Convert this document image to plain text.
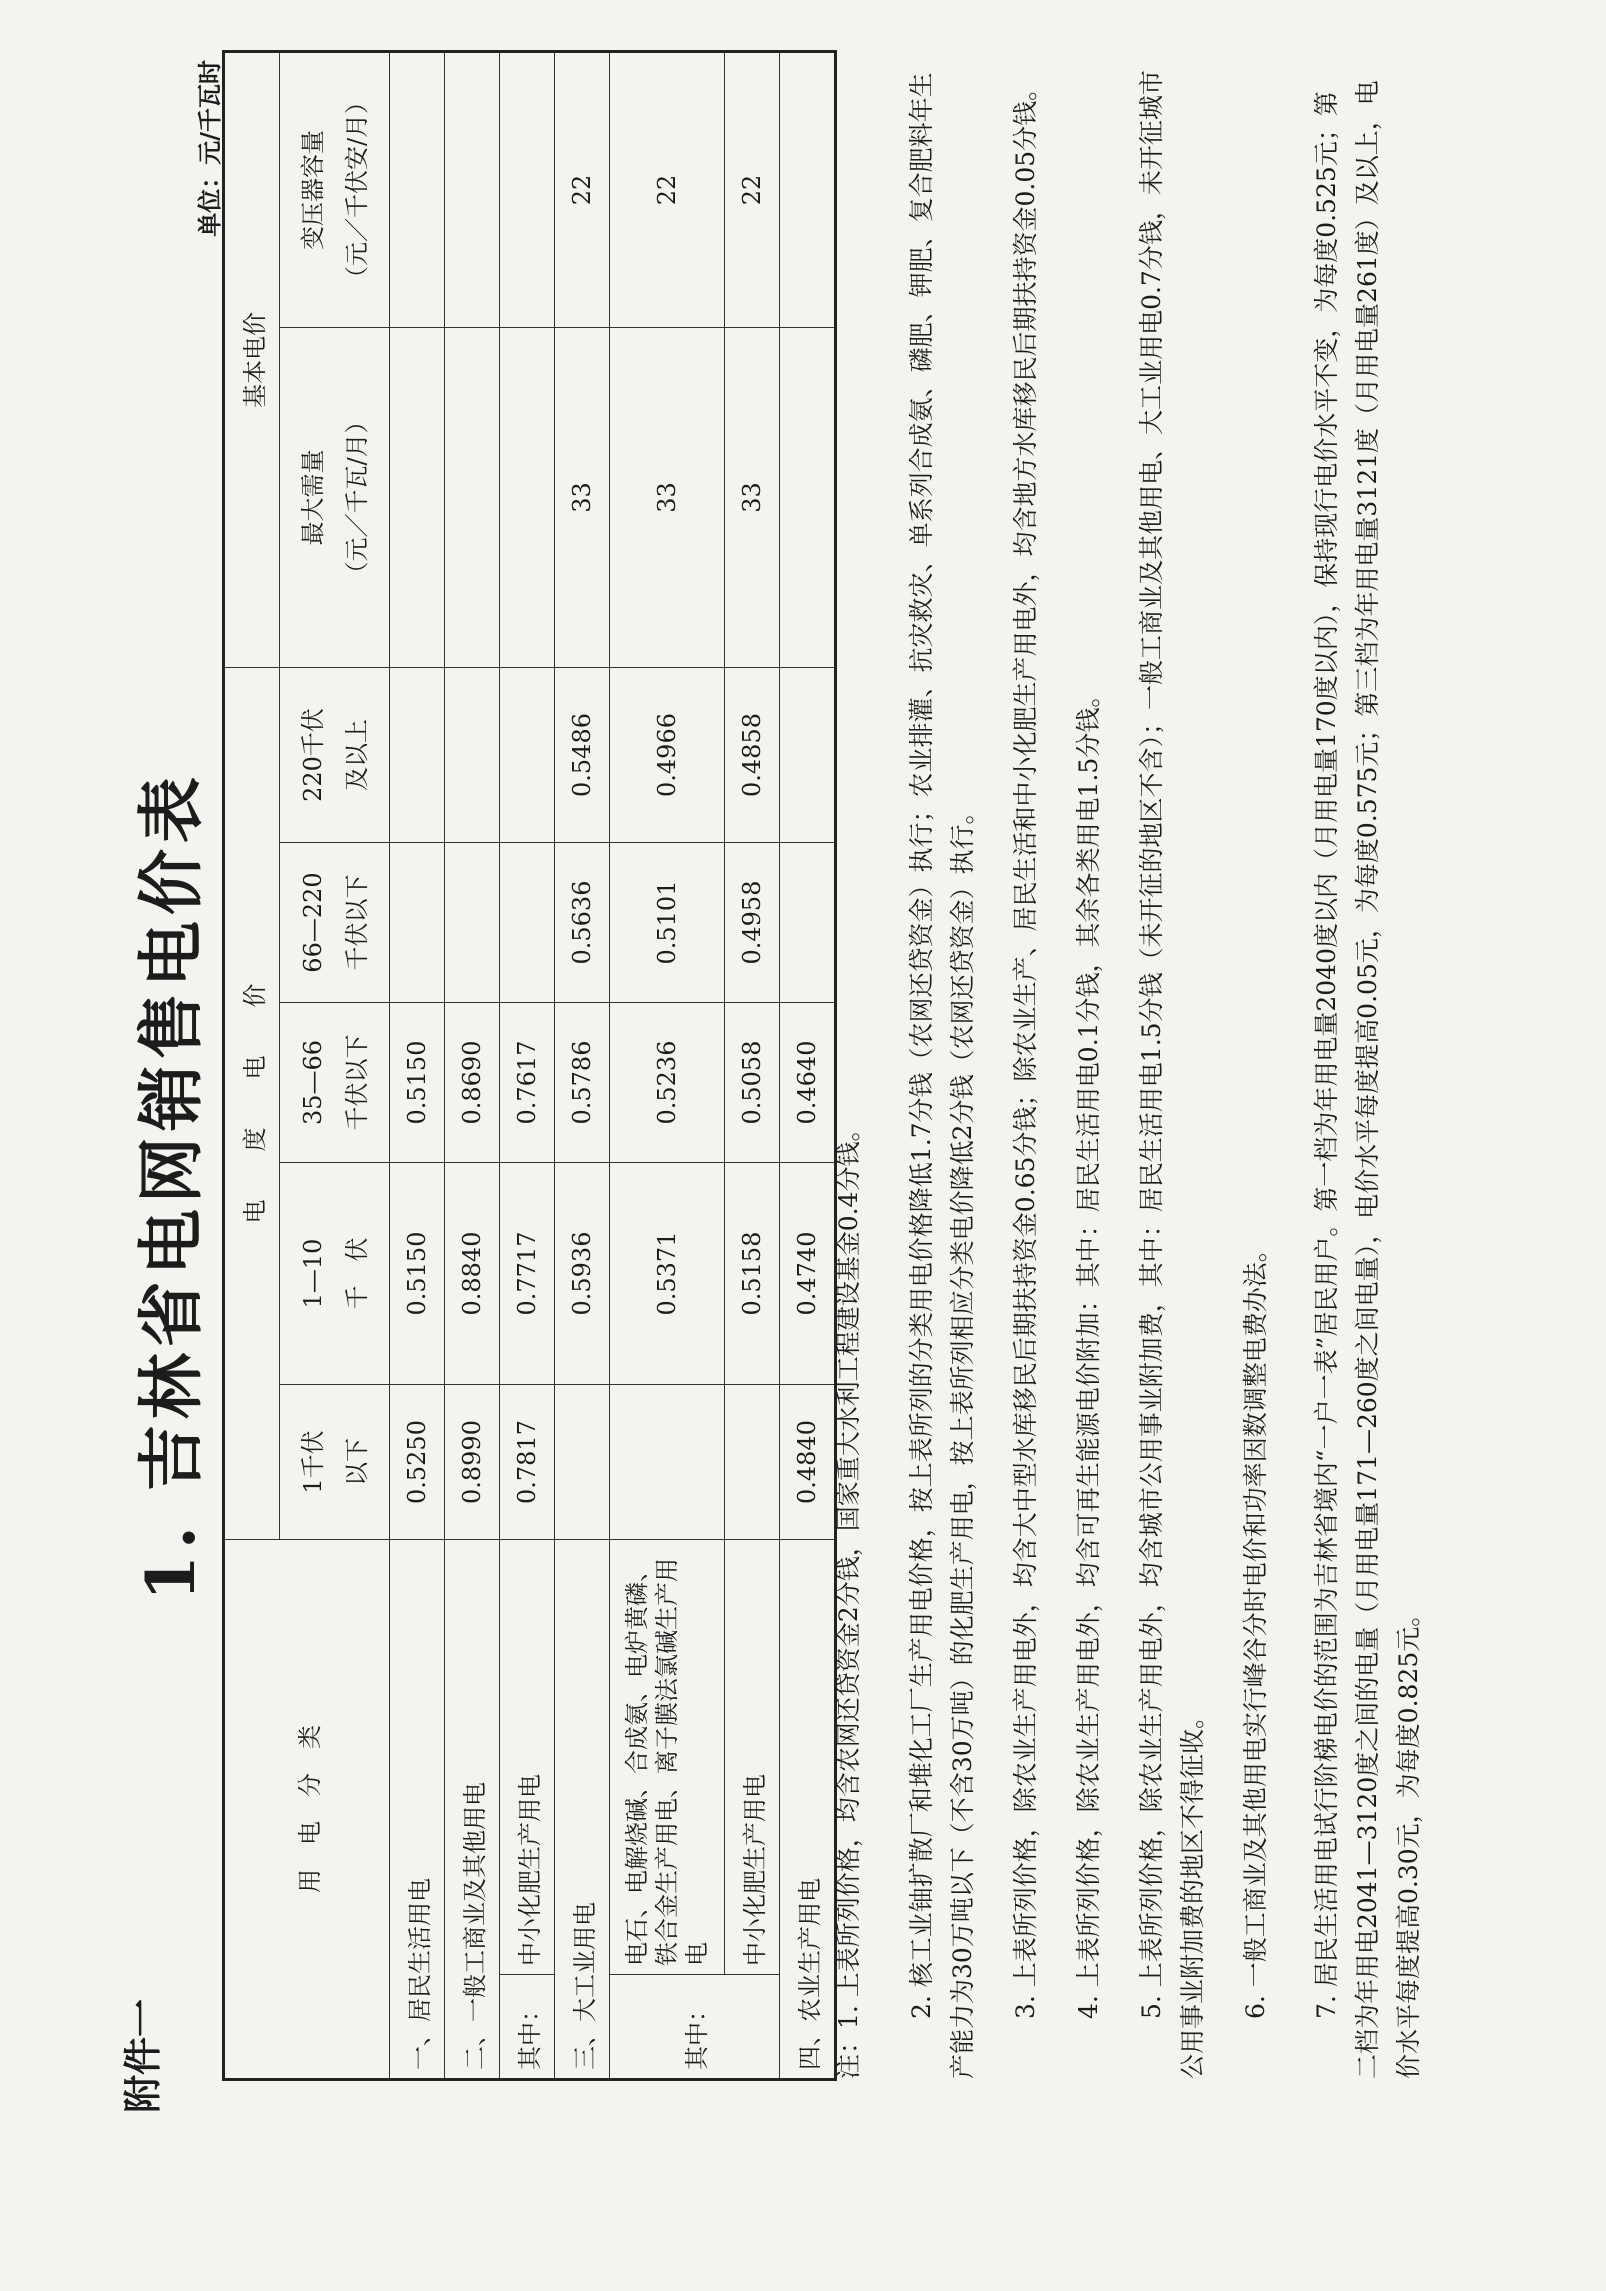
附件一
1. 吉林省电网销售电价表
单位：元/千瓦时
用　电　分　类		电　　度　　电　　价					基本电价	
		1千伏 以下	1—10 千　伏	35—66 千伏以下	66—220 千伏以下	220千伏 及以上	最大需量 （元／千瓦/月）	变压器容量 （元／千伏安/月）
一、居民生活用电		0.5250	0.5150	0.5150				
二、一般工商业及其他用电		0.8990	0.8840	0.8690				
其中：	中小化肥生产用电	0.7817	0.7717	0.7617				
三、大工业用电			0.5936	0.5786	0.5636	0.5486	33	22
其中：	电石、电解烧碱、合成氨、电炉黄磷、铁合金生产用电、离子膜法氯碱生产用电		0.5371	0.5236	0.5101	0.4966	33	22
	中小化肥生产用电		0.5158	0.5058	0.4958	0.4858	33	22
四、农业生产用电		0.4840	0.4740	0.4640				

注：1. 上表所列价格，均含农网还贷资金2分钱，国家重大水利工程建设基金0.4分钱。 2. 核工业铀扩散厂和堆化工厂生产用电价格，按上表所列的分类用电价格降低1.7分钱（农网还贷资金）执行；农业排灌、抗灾救灾、单系列合成氨、磷肥、钾肥、复合肥料年生产能力为30万吨以下（不含30万吨）的化肥生产用电，按上表所列相应分类电价降低2分钱（农网还贷资金）执行。 3. 上表所列价格，除农业生产用电外，均含大中型水库移民后期扶持资金0.65分钱；除农业生产、居民生活和中小化肥生产用电外，均含地方水库移民后期扶持资金0.05分钱。 4. 上表所列价格，除农业生产用电外，均含可再生能源电价附加：其中：居民生活用电0.1分钱，其余各类用电1.5分钱。 5. 上表所列价格，除农业生产用电外，均含城市公用事业附加费，其中：居民生活用电1.5分钱（未开征的地区不含）；一般工商业及其他用电、大工业用电0.7分钱，未开征城市公用事业附加费的地区不得征收。 6. 一般工商业及其他用电实行峰谷分时电价和功率因数调整电费办法。 7. 居民生活用电试行阶梯电价的范围为吉林省境内“一户一表”居民用户。第一档为年用电量2040度以内（月用电量170度以内），保持现行电价水平不变，为每度0.525元；第二档为年用电2041—3120度之间的电量（月用电量171—260度之间电量），电价水平每度提高0.05元，为每度0.575元；第三档为年用电量3121度（月用电量261度）及以上，电价水平每度提高0.30元，为每度0.825元。
